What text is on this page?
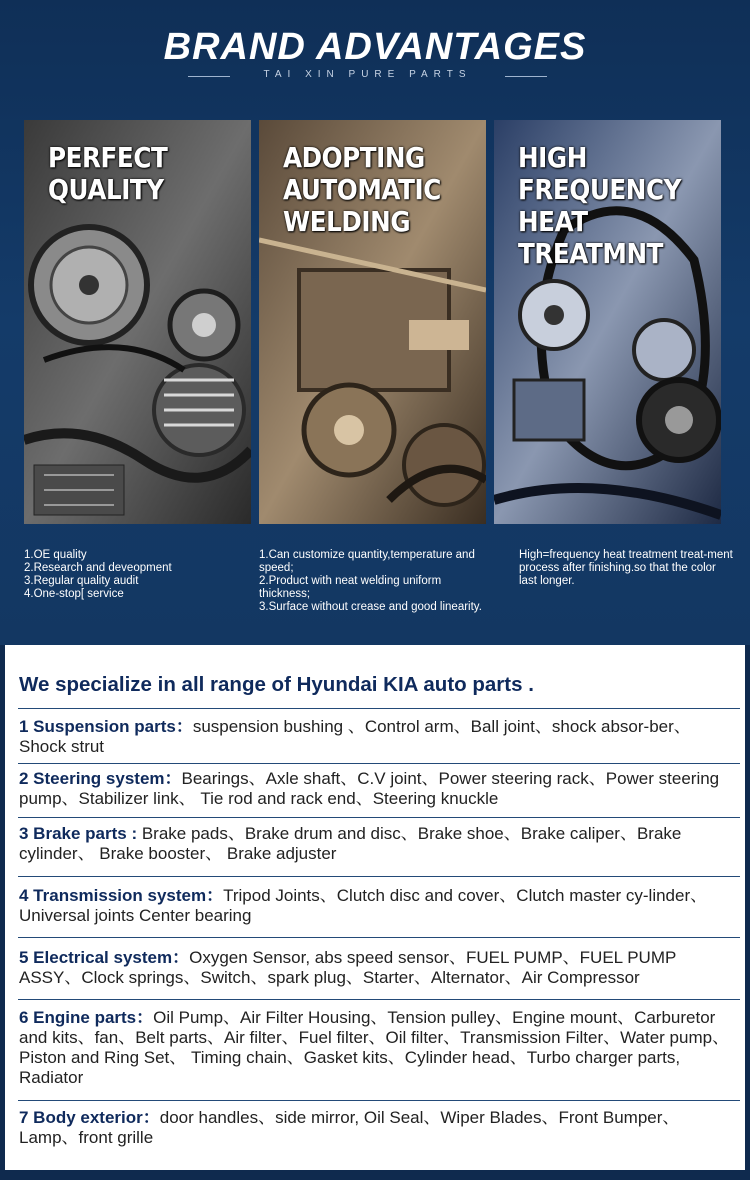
BRAND ADVANTAGES
TAI XIN PURE PARTS
PERFECT QUALITY
ADOPTING AUTOMATIC WELDING
HIGH FREQUENCY HEAT TREATMNT
1.OE quality
2.Research and deveopment
3.Regular quality audit
4.One-stop[ service
1.Can customize quantity,temperature and speed;
2.Product with neat welding uniform thickness;
3.Surface without crease and good linearity.
High=frequency heat treatment treat-ment process after finishing.so that the color last longer.
We specialize in all range of Hyundai KIA auto parts .
1 Suspension parts：suspension bushing 、Control arm、Ball joint、shock absor-ber、Shock strut
2 Steering system：Bearings、Axle shaft、C.V joint、Power steering rack、Power steering pump、Stabilizer link、 Tie rod and rack end、Steering knuckle
3 Brake parts : Brake pads、Brake drum and disc、Brake shoe、Brake caliper、Brake cylinder、 Brake booster、 Brake adjuster
4 Transmission system：Tripod Joints、Clutch disc and cover、Clutch master cy-linder、Universal joints Center bearing
5 Electrical system：Oxygen Sensor, abs speed sensor、FUEL PUMP、FUEL PUMP ASSY、Clock springs、Switch、spark plug、Starter、Alternator、Air Compressor
6 Engine parts：Oil Pump、Air Filter Housing、Tension pulley、Engine mount、Carburetor and kits、fan、Belt parts、Air filter、Fuel filter、Oil filter、Transmission Filter、Water pump、Piston and Ring Set、 Timing chain、Gasket kits、Cylinder head、Turbo charger parts, Radiator
7 Body exterior：door handles、side mirror, Oil Seal、Wiper Blades、Front Bumper、Lamp、front grille
